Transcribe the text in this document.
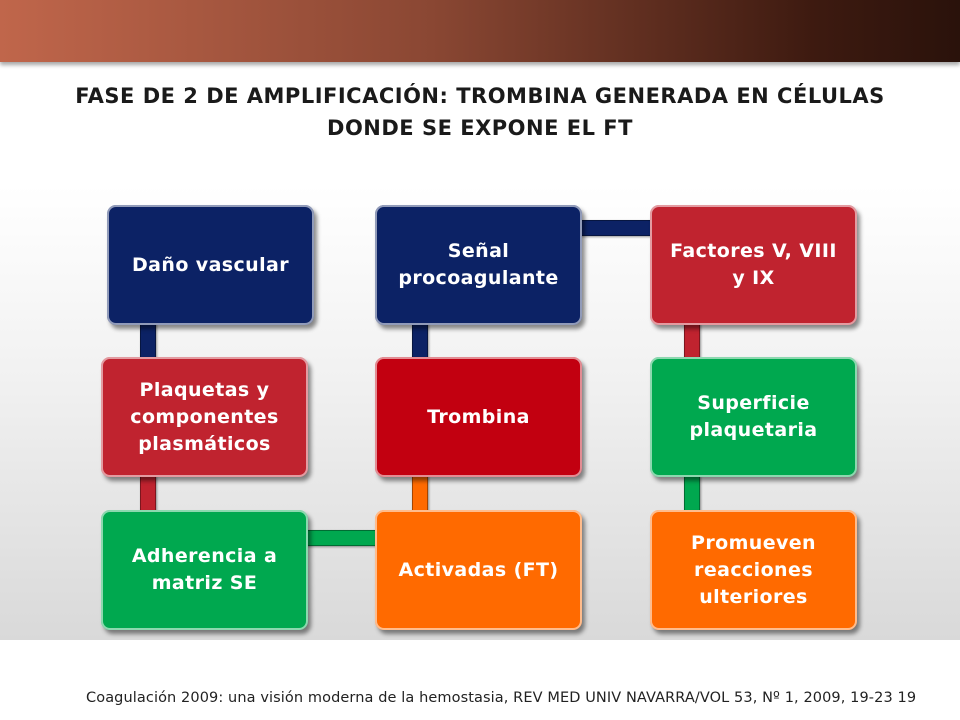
FASE DE 2 DE AMPLIFICACIÓN: TROMBINA GENERADA EN CÉLULAS
DONDE SE EXPONE EL FT
Daño vascular
Plaquetas y componentes plasmáticos
Adherencia a matriz SE
Señal procoagulante
Trombina
Activadas (FT)
Factores V, VIII y IX
Superficie plaquetaria
Promueven reacciones ulteriores
Coagulación 2009: una visión moderna de la hemostasia, REV MED UNIV NAVARRA/VOL 53, Nº 1, 2009, 19-23 19
